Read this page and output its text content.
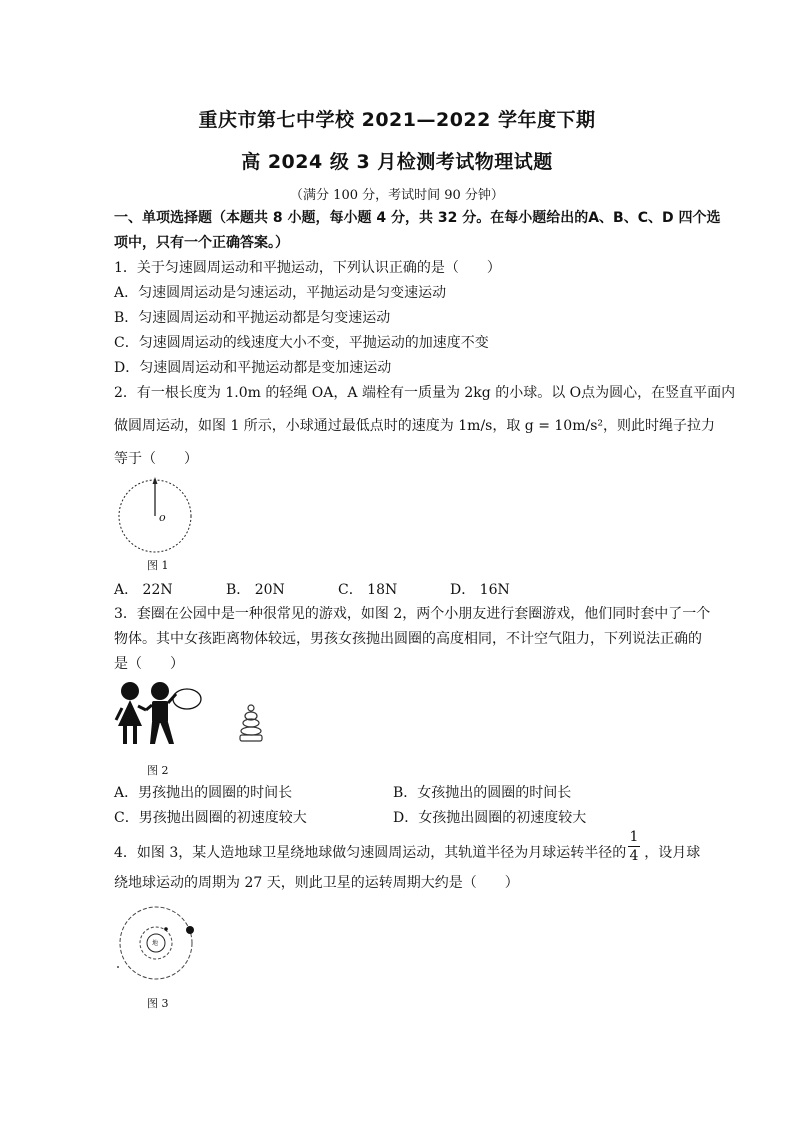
重庆市第七中学校 2021—2022 学年度下期
高 2024 级 3 月检测考试物理试题
（满分 100 分，考试时间 90 分钟）
一、单项选择题（本题共 8 小题，每小题 4 分，共 32 分。在每小题给出的A、B、C、D 四个选
项中，只有一个正确答案。）
1．关于匀速圆周运动和平抛运动，下列认识正确的是（　　）
A．匀速圆周运动是匀速运动，平抛运动是匀变速运动
B．匀速圆周运动和平抛运动都是匀变速运动
C．匀速圆周运动的线速度大小不变，平抛运动的加速度不变
D．匀速圆周运动和平抛运动都是变加速运动
2．有一根长度为 1.0m 的轻绳 OA，A 端栓有一质量为 2kg 的小球。以 O点为圆心，在竖直平面内
做圆周运动，如图 1 所示，小球通过最低点时的速度为 1m/s，取 g = 10m/s²，则此时绳子拉力
等于（　　）
o
图 1
A． 22N	B． 20N	C． 18N	D． 16N
3．套圈在公园中是一种很常见的游戏，如图 2，两个小朋友进行套圈游戏，他们同时套中了一个
物体。其中女孩距离物体较远，男孩女孩抛出圆圈的高度相同，不计空气阻力，下列说法正确的
是（　　）
图 2
A．男孩抛出的圆圈的时间长	B．女孩抛出的圆圈的时间长
C．男孩抛出圆圈的初速度较大	D．女孩抛出圆圈的初速度较大
4．如图 3，某人造地球卫星绕地球做匀速圆周运动，其轨道半径为月球运转半径的 ，设月球
1
4
绕地球运动的周期为 27 天，则此卫星的运转周期大约是（　　）
地
图 3
